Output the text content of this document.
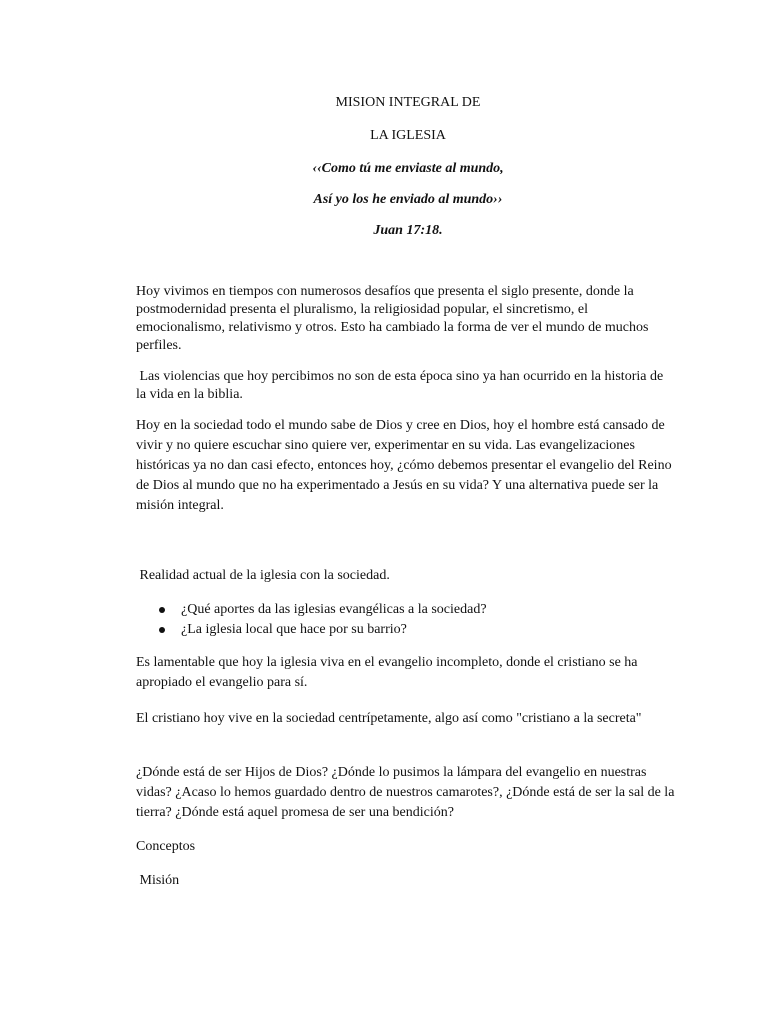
MISION INTEGRAL DE

LA IGLESIA

‹‹Como tú me enviaste al mundo,

Así yo los he enviado al mundo››

Juan 17:18.

Hoy vivimos en tiempos con numerosos desafíos que presenta el siglo presente, donde la postmodernidad presenta el pluralismo, la religiosidad popular, el sincretismo, el emocionalismo, relativismo y otros. Esto ha cambiado la forma de ver el mundo de muchos perfiles.

Las violencias que hoy percibimos no son de esta época sino ya han ocurrido en la historia de la vida en la biblia.

Hoy en la sociedad todo el mundo sabe de Dios y cree en Dios, hoy el hombre está cansado de vivir y no quiere escuchar sino quiere ver, experimentar en su vida. Las evangelizaciones históricas ya no dan casi efecto, entonces hoy, ¿cómo debemos presentar el evangelio del Reino de Dios al mundo que no ha experimentado a Jesús en su vida? Y una alternativa puede ser la misión integral.

Realidad actual de la iglesia con la sociedad.

¿Qué aportes da las iglesias evangélicas a la sociedad?
¿La iglesia local que hace por su barrio?

Es lamentable que hoy la iglesia viva en el evangelio incompleto, donde el cristiano se ha apropiado el evangelio para sí.

El cristiano hoy vive en la sociedad centrípetamente, algo así como "cristiano a la secreta"

¿Dónde está de ser Hijos de Dios? ¿Dónde lo pusimos la lámpara del evangelio en nuestras vidas? ¿Acaso lo hemos guardado dentro de nuestros camarotes?, ¿Dónde está de ser la sal de la tierra? ¿Dónde está aquel promesa de ser una bendición?

Conceptos

Misión
